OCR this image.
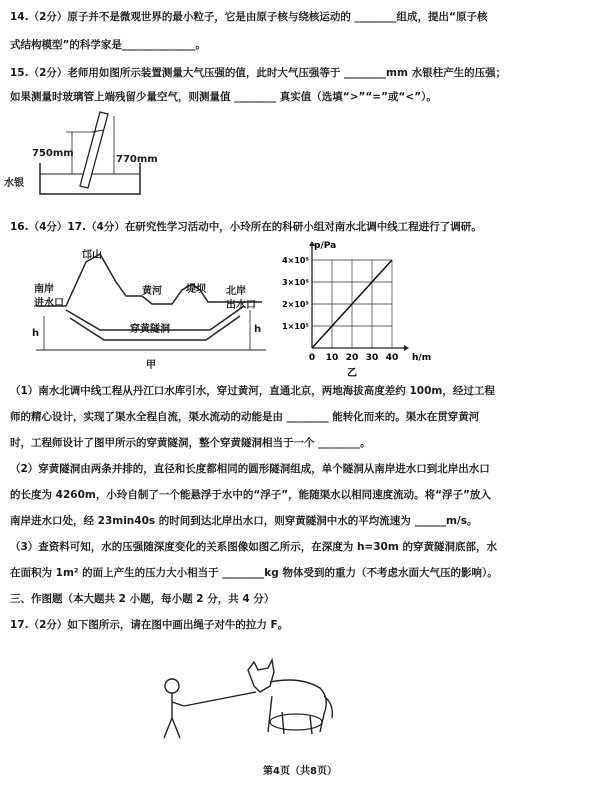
14.（2分）原子并不是微观世界的最小粒子，它是由原子核与绕核运动的 ________组成，提出“原子核
式结构模型”的科学家是______________。
15.（2分）老师用如图所示装置测量大气压强的值，此时大气压强等于 ________mm 水银柱产生的压强；
如果测量时玻璃管上端残留少量空气，则测量值 ________ 真实值（选填“>”“=”或“<”）。
750mm
770mm
水银
16.（4分）17.（4分）在研究性学习活动中，小玲所在的科研小组对南水北调中线工程进行了调研。
邙山
南岸
进水口
黄河 堤坝 北岸
出水口
穿黄隧洞
h	h
甲
0 10 20 30 40
1×10⁵
2×10⁵
3×10⁵
4×10⁵
h/m
p/Pa
乙
（1）南水北调中线工程从丹江口水库引水，穿过黄河，直通北京，两地海拔高度差约 100m，经过工程
师的精心设计，实现了渠水全程自流，渠水流动的动能是由 ________ 能转化而来的。渠水在贯穿黄河
时，工程师设计了图甲所示的穿黄隧洞，整个穿黄隧洞相当于一个 ________。
（2）穿黄隧洞由两条并排的，直径和长度都相同的圆形隧洞组成，单个隧洞从南岸进水口到北岸出水口
的长度为 4260m，小玲自制了一个能悬浮于水中的“浮子”，能随渠水以相同速度流动。将“浮子”放入
南岸进水口处，经 23min40s 的时间到达北岸出水口，则穿黄隧洞中水的平均流速为 ______m/s。
（3）查资料可知，水的压强随深度变化的关系图像如图乙所示，在深度为 h=30m 的穿黄隧洞底部，水
在面积为 1m² 的面上产生的压力大小相当于 ________kg 物体受到的重力（不考虑水面大气压的影响）。
三、作图题（本大题共 2 小题，每小题 2 分，共 4 分）
17.（2分）如下图所示，请在图中画出绳子对牛的拉力 F。
第4页（共8页）
